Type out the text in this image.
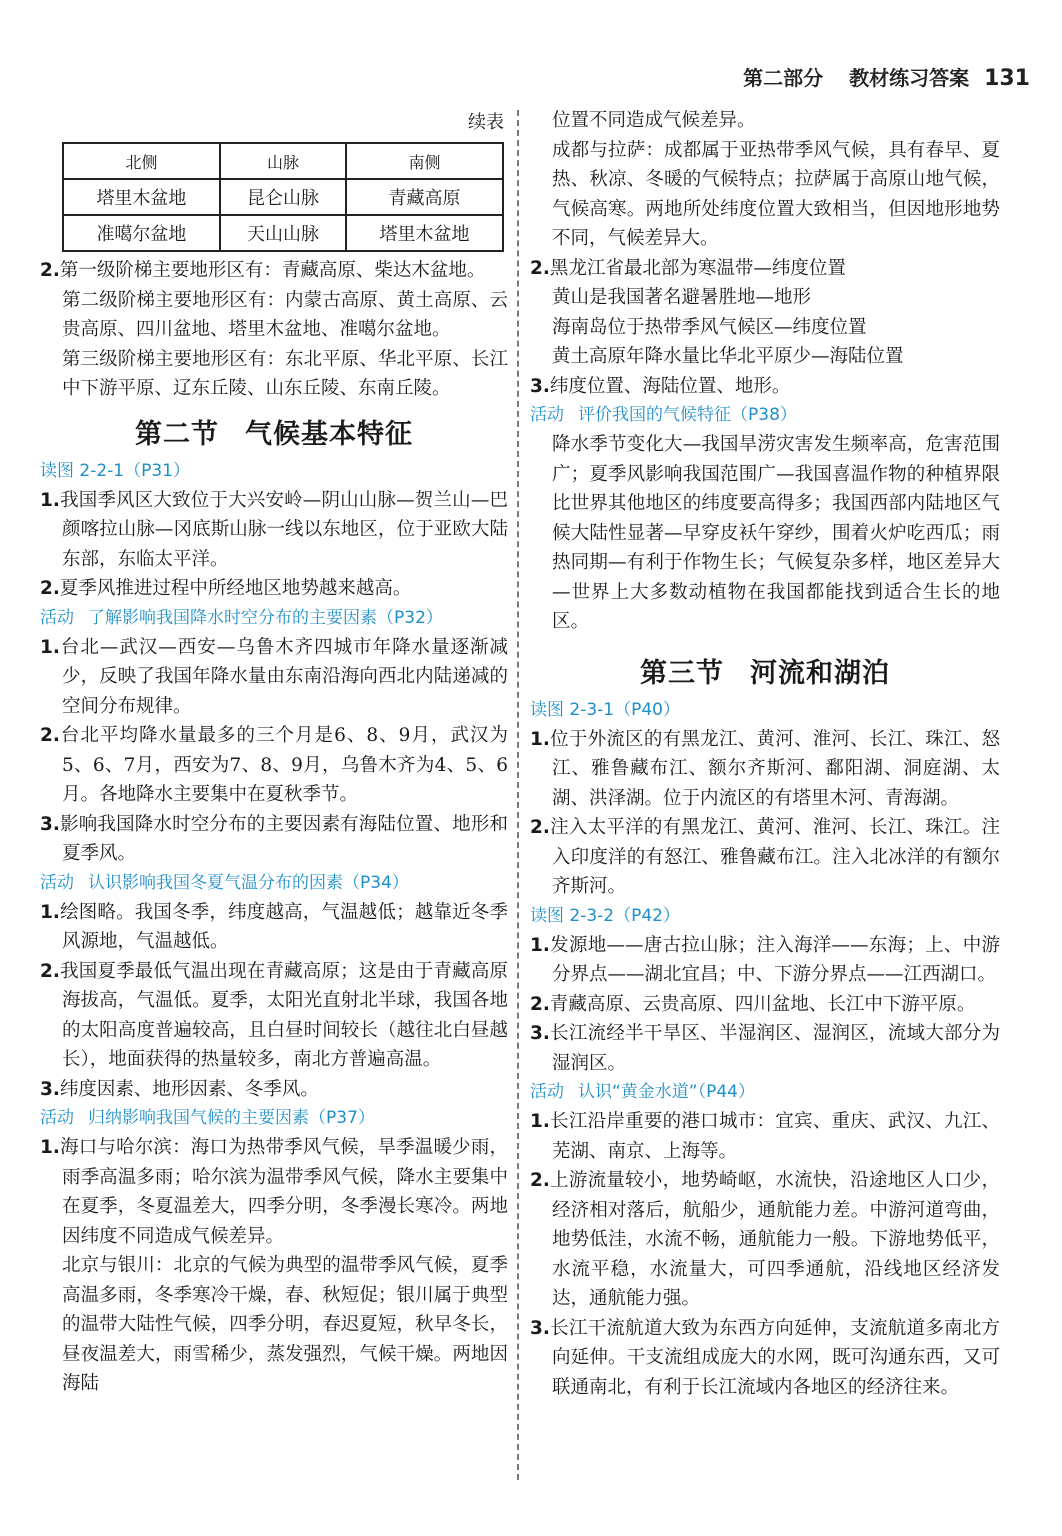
第二部分 教材练习答案 131

续表

北侧	山脉	南侧
塔里木盆地	昆仑山脉	青藏高原
准噶尔盆地	天山山脉	塔里木盆地

2.第一级阶梯主要地形区有：青藏高原、柴达木盆地。

第二级阶梯主要地形区有：内蒙古高原、黄土高原、云贵高原、四川盆地、塔里木盆地、准噶尔盆地。

第三级阶梯主要地形区有：东北平原、华北平原、长江中下游平原、辽东丘陵、山东丘陵、东南丘陵。

第二节 气候基本特征

读图 2-2-1（P31）

1.我国季风区大致位于大兴安岭—阴山山脉—贺兰山—巴颜喀拉山脉—冈底斯山脉一线以东地区，位于亚欧大陆东部，东临太平洋。

2.夏季风推进过程中所经地区地势越来越高。

活动 了解影响我国降水时空分布的主要因素（P32）

1.台北—武汉—西安—乌鲁木齐四城市年降水量逐渐减少，反映了我国年降水量由东南沿海向西北内陆递减的空间分布规律。

2.台北平均降水量最多的三个月是6、8、9月，武汉为5、6、7月，西安为7、8、9月，乌鲁木齐为4、5、6月。各地降水主要集中在夏秋季节。

3.影响我国降水时空分布的主要因素有海陆位置、地形和夏季风。

活动 认识影响我国冬夏气温分布的因素（P34）

1.绘图略。我国冬季，纬度越高，气温越低；越靠近冬季风源地，气温越低。

2.我国夏季最低气温出现在青藏高原；这是由于青藏高原海拔高，气温低。夏季，太阳光直射北半球，我国各地的太阳高度普遍较高，且白昼时间较长（越往北白昼越长），地面获得的热量较多，南北方普遍高温。

3.纬度因素、地形因素、冬季风。

活动 归纳影响我国气候的主要因素（P37）

1.海口与哈尔滨：海口为热带季风气候，旱季温暖少雨，雨季高温多雨；哈尔滨为温带季风气候，降水主要集中在夏季，冬夏温差大，四季分明，冬季漫长寒冷。两地因纬度不同造成气候差异。

北京与银川：北京的气候为典型的温带季风气候，夏季高温多雨，冬季寒冷干燥，春、秋短促；银川属于典型的温带大陆性气候，四季分明，春迟夏短，秋早冬长，昼夜温差大，雨雪稀少，蒸发强烈，气候干燥。两地因海陆

位置不同造成气候差异。

成都与拉萨：成都属于亚热带季风气候，具有春早、夏热、秋凉、冬暖的气候特点；拉萨属于高原山地气候，气候高寒。两地所处纬度位置大致相当，但因地形地势不同，气候差异大。

2.黑龙江省最北部为寒温带—纬度位置

黄山是我国著名避暑胜地—地形

海南岛位于热带季风气候区—纬度位置

黄土高原年降水量比华北平原少—海陆位置

3.纬度位置、海陆位置、地形。

活动 评价我国的气候特征（P38）

降水季节变化大—我国旱涝灾害发生频率高，危害范围广；夏季风影响我国范围广—我国喜温作物的种植界限比世界其他地区的纬度要高得多；我国西部内陆地区气候大陆性显著—早穿皮袄午穿纱，围着火炉吃西瓜；雨热同期—有利于作物生长；气候复杂多样，地区差异大—世界上大多数动植物在我国都能找到适合生长的地区。

第三节 河流和湖泊

读图 2-3-1（P40）

1.位于外流区的有黑龙江、黄河、淮河、长江、珠江、怒江、雅鲁藏布江、额尔齐斯河、鄱阳湖、洞庭湖、太湖、洪泽湖。位于内流区的有塔里木河、青海湖。

2.注入太平洋的有黑龙江、黄河、淮河、长江、珠江。注入印度洋的有怒江、雅鲁藏布江。注入北冰洋的有额尔齐斯河。

读图 2-3-2（P42）

1.发源地——唐古拉山脉；注入海洋——东海；上、中游分界点——湖北宜昌；中、下游分界点——江西湖口。

2.青藏高原、云贵高原、四川盆地、长江中下游平原。

3.长江流经半干旱区、半湿润区、湿润区，流域大部分为湿润区。

活动 认识“黄金水道”（P44）

1.长江沿岸重要的港口城市：宜宾、重庆、武汉、九江、芜湖、南京、上海等。

2.上游流量较小，地势崎岖，水流快，沿途地区人口少，经济相对落后，航船少，通航能力差。中游河道弯曲，地势低洼，水流不畅，通航能力一般。下游地势低平，水流平稳，水流量大，可四季通航，沿线地区经济发达，通航能力强。

3.长江干流航道大致为东西方向延伸，支流航道多南北方向延伸。干支流组成庞大的水网，既可沟通东西，又可联通南北，有利于长江流域内各地区的经济往来。
